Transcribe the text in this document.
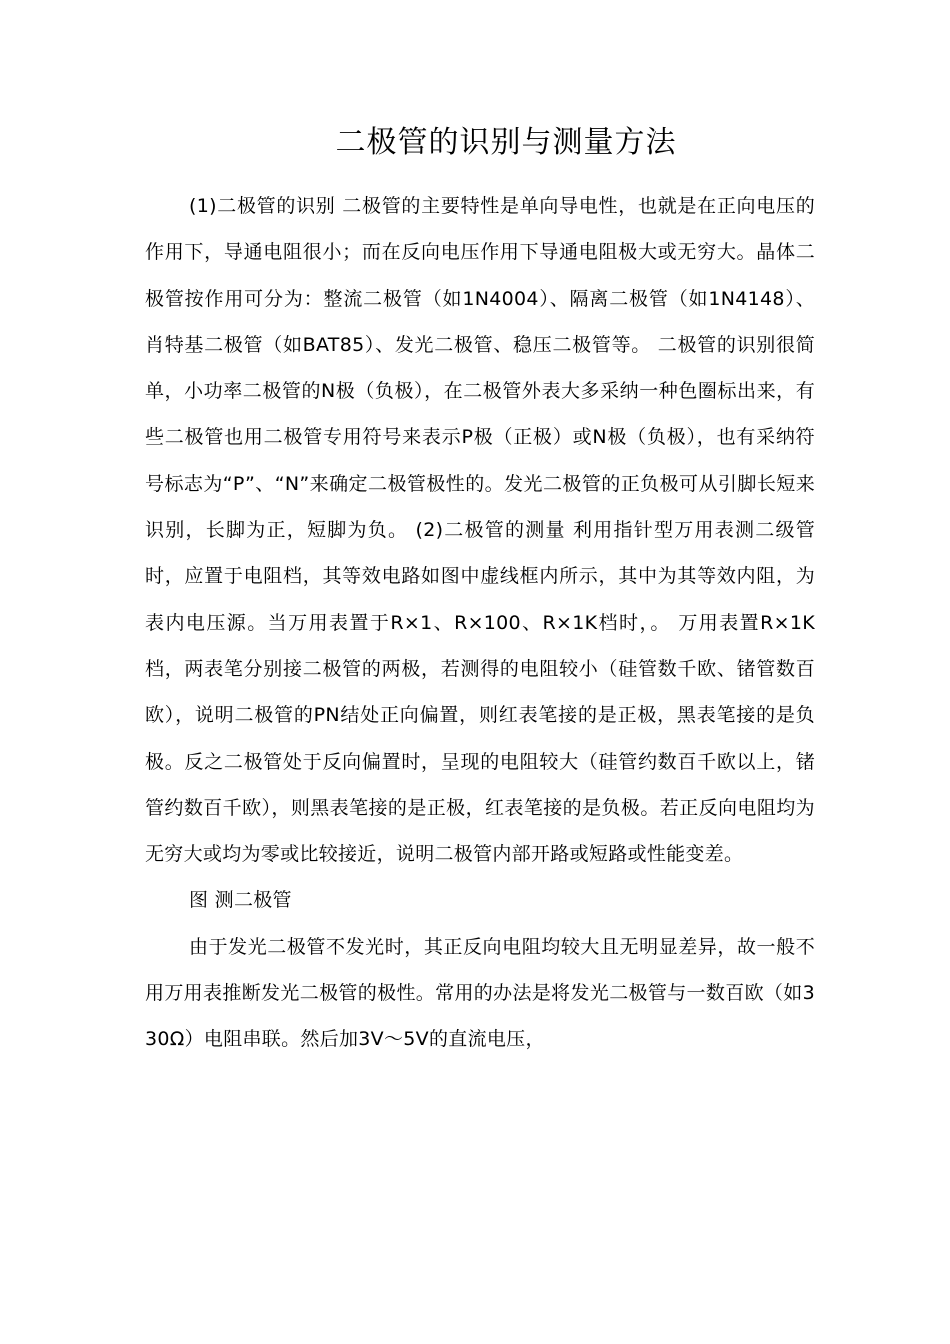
二极管的识别与测量方法

(1)二极管的识别 二极管的主要特性是单向导电性，也就是在正向电压的作用下，导通电阻很小；而在反向电压作用下导通电阻极大或无穷大。晶体二极管按作用可分为：整流二极管（如1N4004）、隔离二极管（如1N4148）、肖特基二极管（如BAT85）、发光二极管、稳压二极管等。 二极管的识别很简单，小功率二极管的N极（负极），在二极管外表大多采纳一种色圈标出来，有些二极管也用二极管专用符号来表示P极（正极）或N极（负极），也有采纳符号标志为“P”、“N”来确定二极管极性的。发光二极管的正负极可从引脚长短来识别，长脚为正，短脚为负。 (2)二极管的测量 利用指针型万用表测二级管时，应置于电阻档，其等效电路如图中虚线框内所示，其中为其等效内阻，为表内电压源。当万用表置于R×1、R×100、R×1K档时，。 万用表置R×1K档，两表笔分别接二极管的两极，若测得的电阻较小（硅管数千欧、锗管数百欧），说明二极管的PN结处正向偏置，则红表笔接的是正极，黑表笔接的是负极。反之二极管处于反向偏置时，呈现的电阻较大（硅管约数百千欧以上，锗管约数百千欧），则黑表笔接的是正极，红表笔接的是负极。若正反向电阻均为无穷大或均为零或比较接近，说明二极管内部开路或短路或性能变差。

图 测二极管

由于发光二极管不发光时，其正反向电阻均较大且无明显差异，故一般不用万用表推断发光二极管的极性。常用的办法是将发光二极管与一数百欧（如330Ω）电阻串联。然后加3V～5V的直流电压，
